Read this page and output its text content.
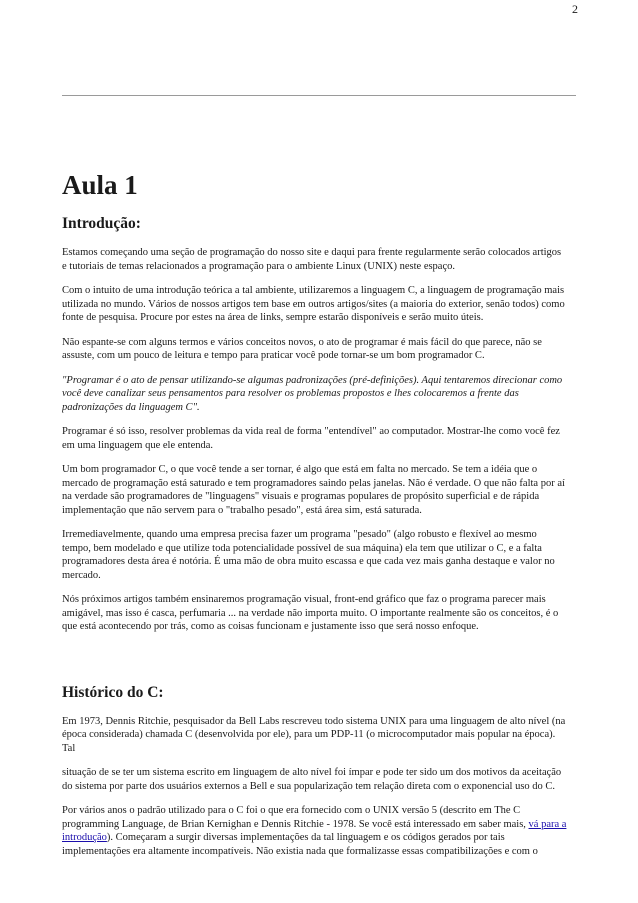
2
Aula 1
Introdução:

Estamos começando uma seção de programação do nosso site e daqui para frente regularmente serão colocados artigos
e tutoriais de temas relacionados a programação para o ambiente Linux (UNIX) neste espaço.

Com o intuito de uma introdução teórica a tal ambiente, utilizaremos a linguagem C, a linguagem de programação mais
utilizada no mundo. Vários de nossos artigos tem base em outros artigos/sites (a maioria do exterior, senão todos) como
fonte de pesquisa. Procure por estes na área de links, sempre estarão disponíveis e serão muito úteis.

Não espante-se com alguns termos e vários conceitos novos, o ato de programar é mais fácil do que parece, não se
assuste, com um pouco de leitura e tempo para praticar você pode tornar-se um bom programador C.

"Programar é o ato de pensar utilizando-se algumas padronizações (pré-definições). Aqui tentaremos direcionar como
você deve canalizar seus pensamentos para resolver os problemas propostos e lhes colocaremos a frente das
padronizações da linguagem C".

Programar é só isso, resolver problemas da vida real de forma "entendível" ao computador. Mostrar-lhe como você fez
em uma linguagem que ele entenda.

Um bom programador C, o que você tende a ser tornar, é algo que está em falta no mercado. Se tem a idéia que o
mercado de programação está saturado e tem programadores saindo pelas janelas. Não é verdade. O que não falta por aí
na verdade são programadores de "linguagens" visuais e programas populares de propósito superficial e de rápida
implementação que não servem para o "trabalho pesado", está área sim, está saturada.

Irremediavelmente, quando uma empresa precisa fazer um programa "pesado" (algo robusto e flexível ao mesmo
tempo, bem modelado e que utilize toda potencialidade possível de sua máquina) ela tem que utilizar o C, e a falta
programadores desta área é notória. É uma mão de obra muito escassa e que cada vez mais ganha destaque e valor no
mercado.

Nós próximos artigos também ensinaremos programação visual, front-end gráfico que faz o programa parecer mais
amigável, mas isso é casca, perfumaria ... na verdade não importa muito. O importante realmente são os conceitos, é o
que está acontecendo por trás, como as coisas funcionam e justamente isso que será nosso enfoque.

Histórico do C:

Em 1973, Dennis Ritchie, pesquisador da Bell Labs rescreveu todo sistema UNIX para uma linguagem de alto nível (na
época considerada) chamada C (desenvolvida por ele), para um PDP-11 (o microcomputador mais popular na época).
Tal

situação de se ter um sistema escrito em linguagem de alto nível foi ímpar e pode ter sido um dos motivos da aceitação
do sistema por parte dos usuários externos a Bell e sua popularização tem relação direta com o exponencial uso do C.

Por vários anos o padrão utilizado para o C foi o que era fornecido com o UNIX versão 5 (descrito em The C
programming Language, de Brian Kernighan e Dennis Ritchie - 1978. Se você está interessado em saber mais, vá para a
introdução). Começaram a surgir diversas implementações da tal linguagem e os códigos gerados por tais
implementações era altamente incompatíveis. Não existia nada que formalizasse essas compatibilizações e com o
